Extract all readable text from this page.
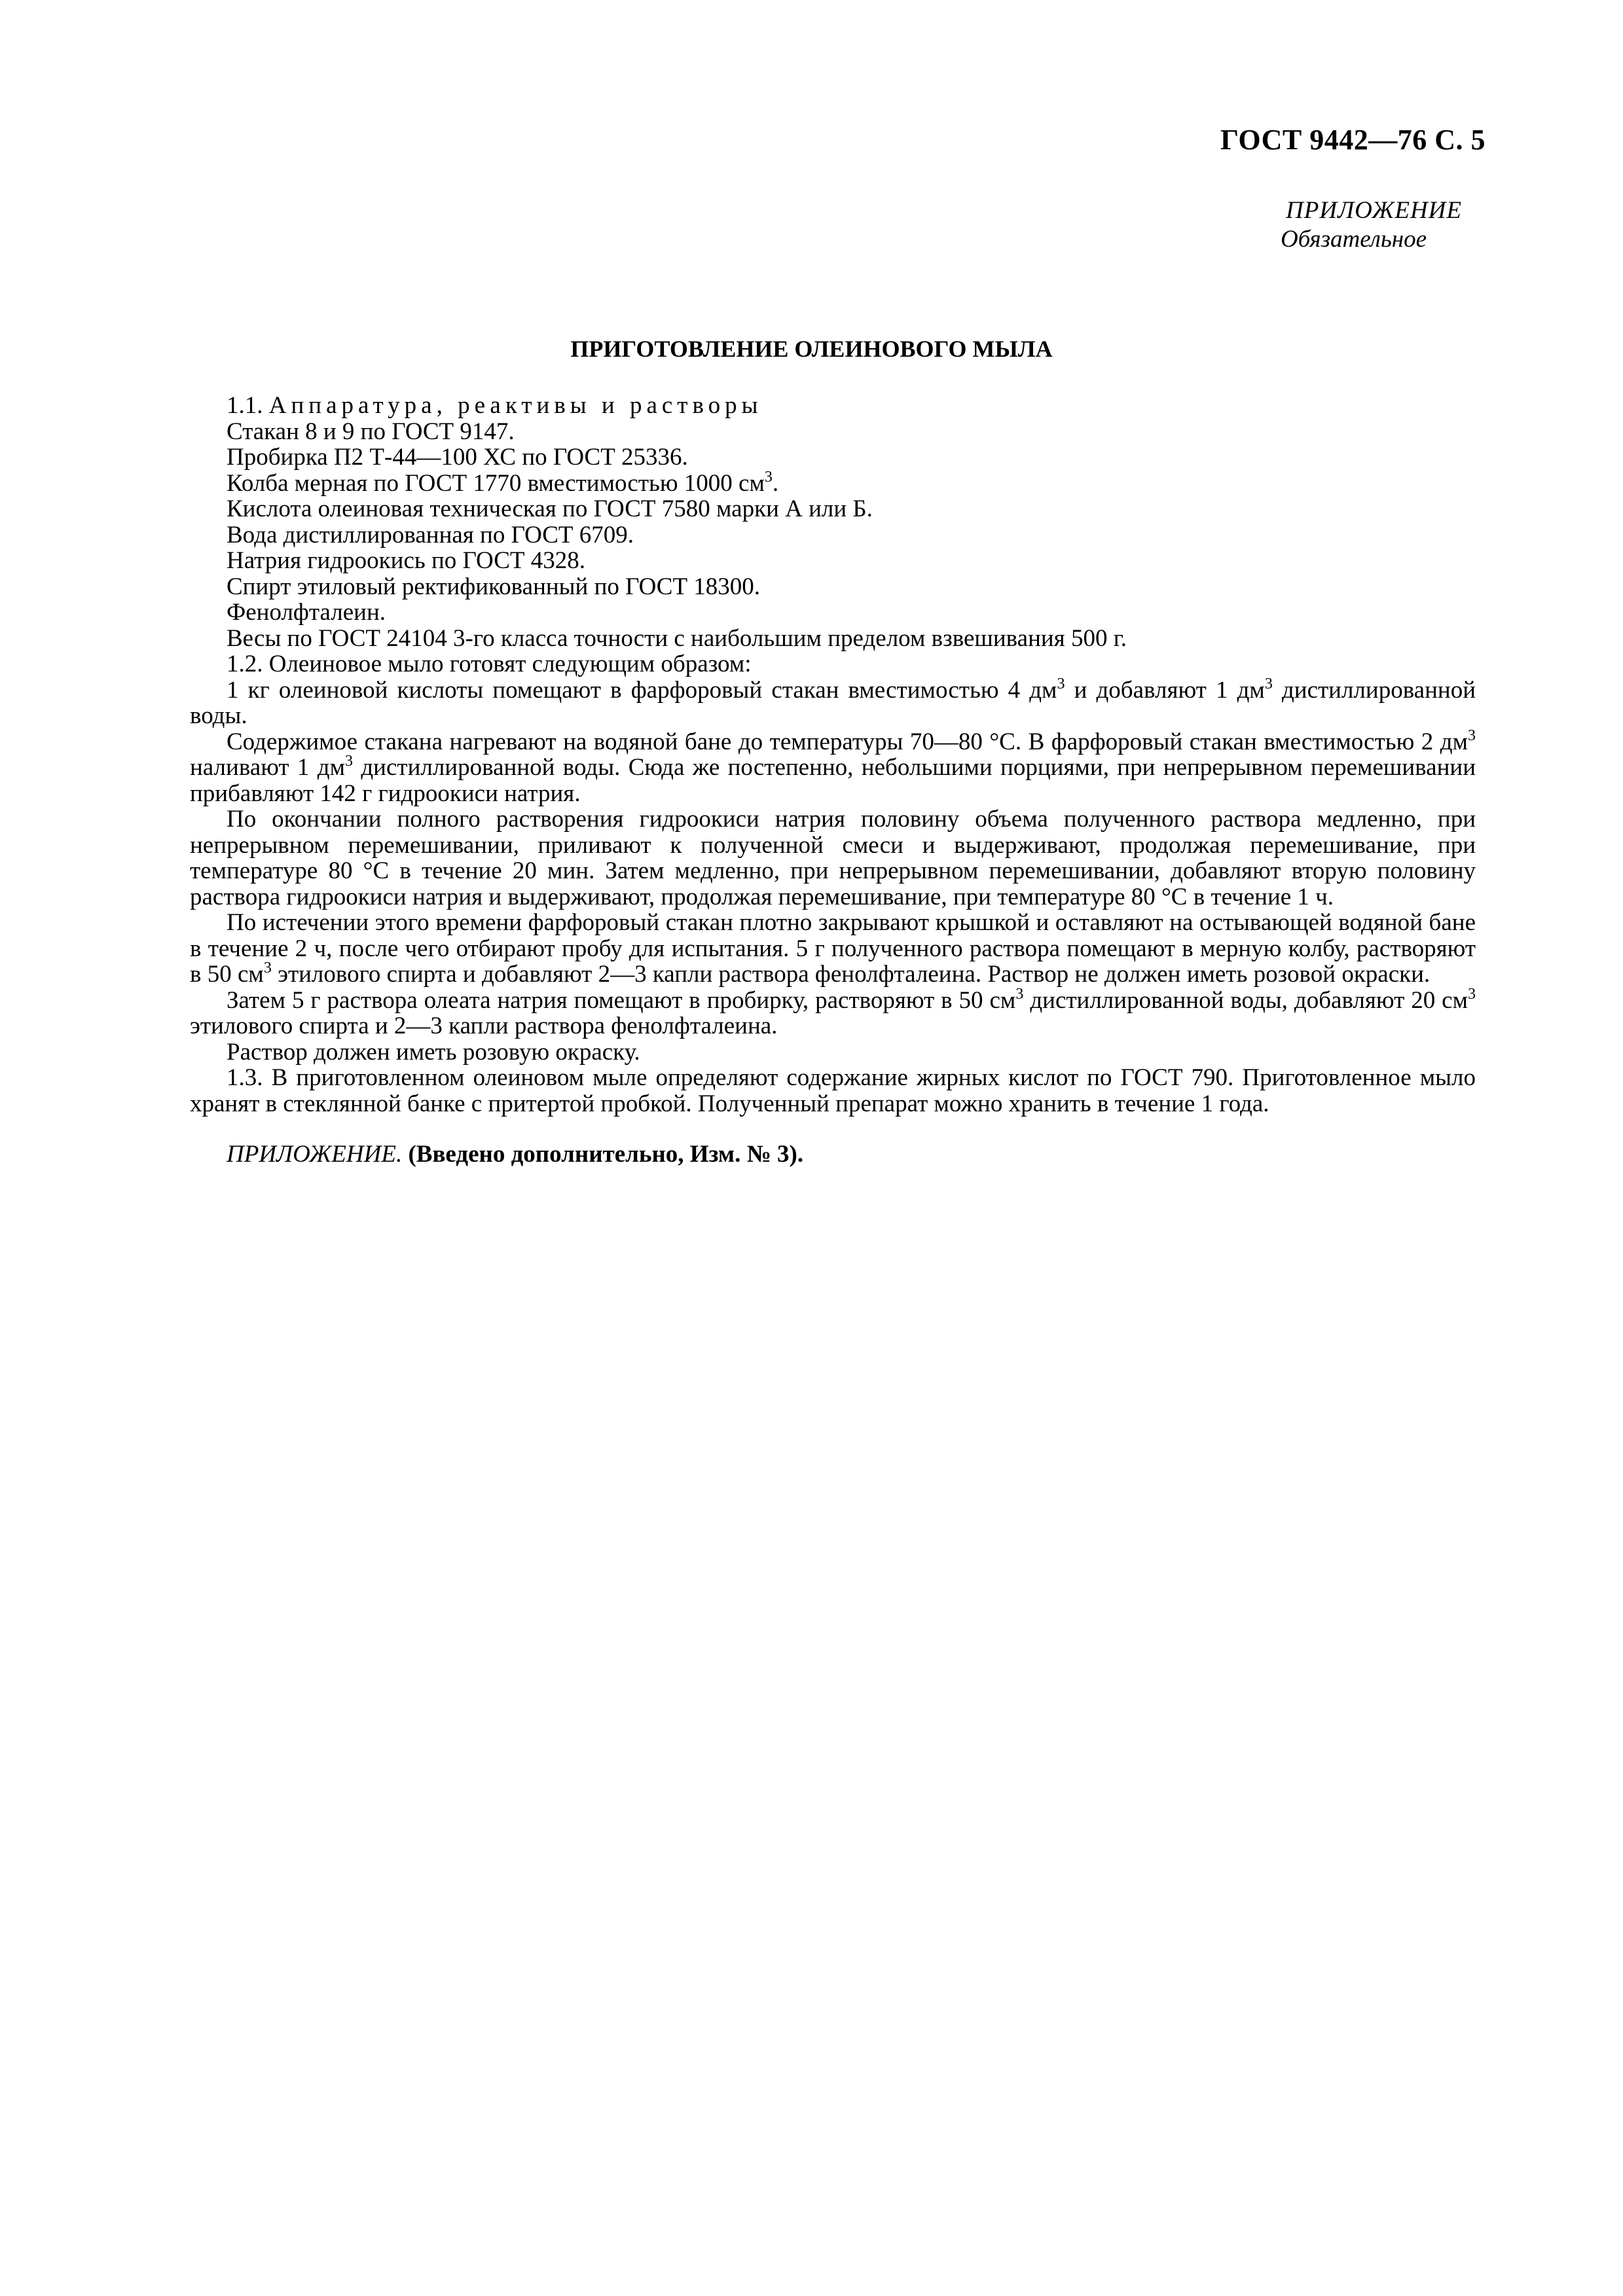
ГОСТ 9442—76 С. 5
ПРИЛОЖЕНИЕ
Обязательное
ПРИГОТОВЛЕНИЕ ОЛЕИНОВОГО МЫЛА

1.1. Аппаратура, реактивы и растворы

Стакан 8 и 9 по ГОСТ 9147.

Пробирка П2 Т-44—100 ХС по ГОСТ 25336.

Колба мерная по ГОСТ 1770 вместимостью 1000 $см^3$.

Кислота олеиновая техническая по ГОСТ 7580 марки А или Б.

Вода дистиллированная по ГОСТ 6709.

Натрия гидроокись по ГОСТ 4328.

Спирт этиловый ректификованный по ГОСТ 18300.

Фенолфталеин.

Весы по ГОСТ 24104 3-го класса точности с наибольшим пределом взвешивания 500 г.

1.2. Олеиновое мыло готовят следующим образом:

1 кг олеиновой кислоты помещают в фарфоровый стакан вместимостью 4 $дм^3$ и добавляют 1 $дм^3$ дистиллированной воды.

Содержимое стакана нагревают на водяной бане до температуры 70—80 °С. В фарфоровый стакан вместимостью 2 $дм^3$ наливают 1 $дм^3$ дистиллированной воды. Сюда же постепенно, небольшими порциями, при непрерывном перемешивании прибавляют 142 г гидроокиси натрия.

По окончании полного растворения гидроокиси натрия половину объема полученного раствора медленно, при непрерывном перемешивании, приливают к полученной смеси и выдерживают, продолжая перемешивание, при температуре 80 °С в течение 20 мин. Затем медленно, при непрерывном перемешивании, добавляют вторую половину раствора гидроокиси натрия и выдерживают, продолжая перемешивание, при температуре 80 °С в течение 1 ч.

По истечении этого времени фарфоровый стакан плотно закрывают крышкой и оставляют на остывающей водяной бане в течение 2 ч, после чего отбирают пробу для испытания. 5 г полученного раствора помещают в мерную колбу, растворяют в 50 $см^3$ этилового спирта и добавляют 2—3 капли раствора фенолфталеина. Раствор не должен иметь розовой окраски.

Затем 5 г раствора олеата натрия помещают в пробирку, растворяют в 50 $см^3$ дистиллированной воды, добавляют 20 $см^3$ этилового спирта и 2—3 капли раствора фенолфталеина.

Раствор должен иметь розовую окраску.

1.3. В приготовленном олеиновом мыле определяют содержание жирных кислот по ГОСТ 790. Приготовленное мыло хранят в стеклянной банке с притертой пробкой. Полученный препарат можно хранить в течение 1 года.

ПРИЛОЖЕНИЕ. (Введено дополнительно, Изм. № 3).
